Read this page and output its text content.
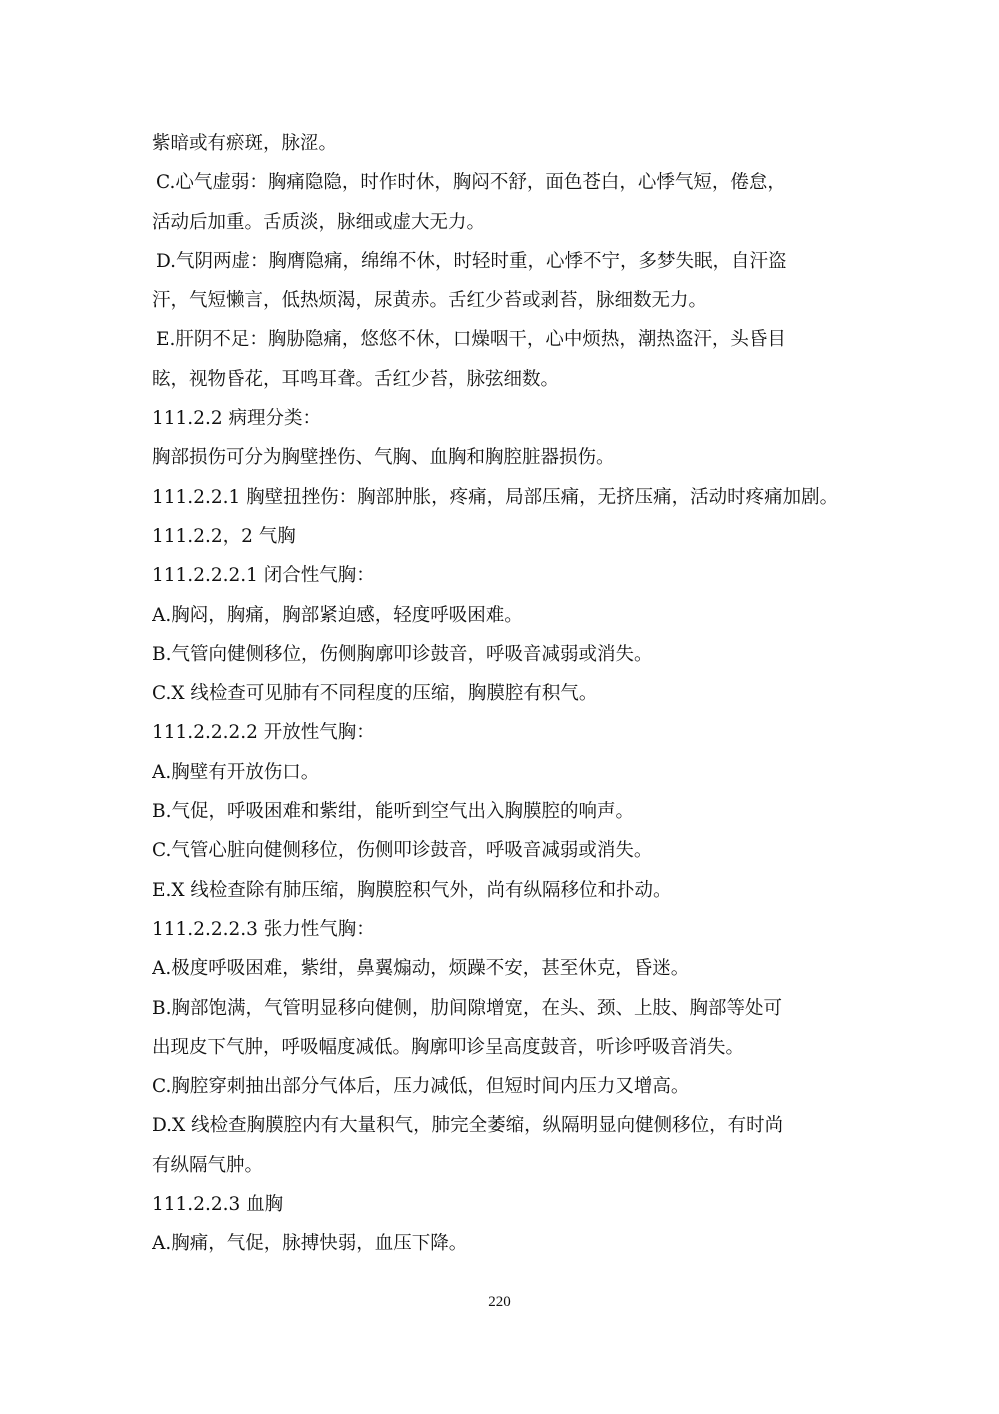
紫暗或有瘀斑，脉涩。
C.心气虚弱：胸痛隐隐，时作时休，胸闷不舒，面色苍白，心悸气短，倦怠，
活动后加重。舌质淡，脉细或虚大无力。
D.气阴两虚：胸膺隐痛，绵绵不休，时轻时重，心悸不宁，多梦失眠，自汗盗
汗，气短懒言，低热烦渴，尿黄赤。舌红少苔或剥苔，脉细数无力。
E.肝阴不足：胸胁隐痛，悠悠不休，口燥咽干，心中烦热，潮热盗汗，头昏目
眩，视物昏花，耳鸣耳聋。舌红少苔，脉弦细数。
111.2.2 病理分类：
胸部损伤可分为胸壁挫伤、气胸、血胸和胸腔脏器损伤。
111.2.2.1 胸壁扭挫伤：胸部肿胀，疼痛，局部压痛，无挤压痛，活动时疼痛加剧。
111.2.2，2 气胸
111.2.2.2.1 闭合性气胸：
A.胸闷，胸痛，胸部紧迫感，轻度呼吸困难。
B.气管向健侧移位，伤侧胸廓叩诊鼓音，呼吸音减弱或消失。
C.X 线检查可见肺有不同程度的压缩，胸膜腔有积气。
111.2.2.2.2 开放性气胸：
A.胸壁有开放伤口。
B.气促，呼吸困难和紫绀，能听到空气出入胸膜腔的响声。
C.气管心脏向健侧移位，伤侧叩诊鼓音，呼吸音减弱或消失。
E.X 线检查除有肺压缩，胸膜腔积气外，尚有纵隔移位和扑动。
111.2.2.2.3 张力性气胸：
A.极度呼吸困难，紫绀，鼻翼煽动，烦躁不安，甚至休克，昏迷。
B.胸部饱满，气管明显移向健侧，肋间隙增宽，在头、颈、上肢、胸部等处可
出现皮下气肿，呼吸幅度减低。胸廓叩诊呈高度鼓音，听诊呼吸音消失。
C.胸腔穿刺抽出部分气体后，压力减低，但短时间内压力又增高。
D.X 线检查胸膜腔内有大量积气，肺完全萎缩，纵隔明显向健侧移位，有时尚
有纵隔气肿。
111.2.2.3 血胸
A.胸痛，气促，脉搏快弱，血压下降。
220
